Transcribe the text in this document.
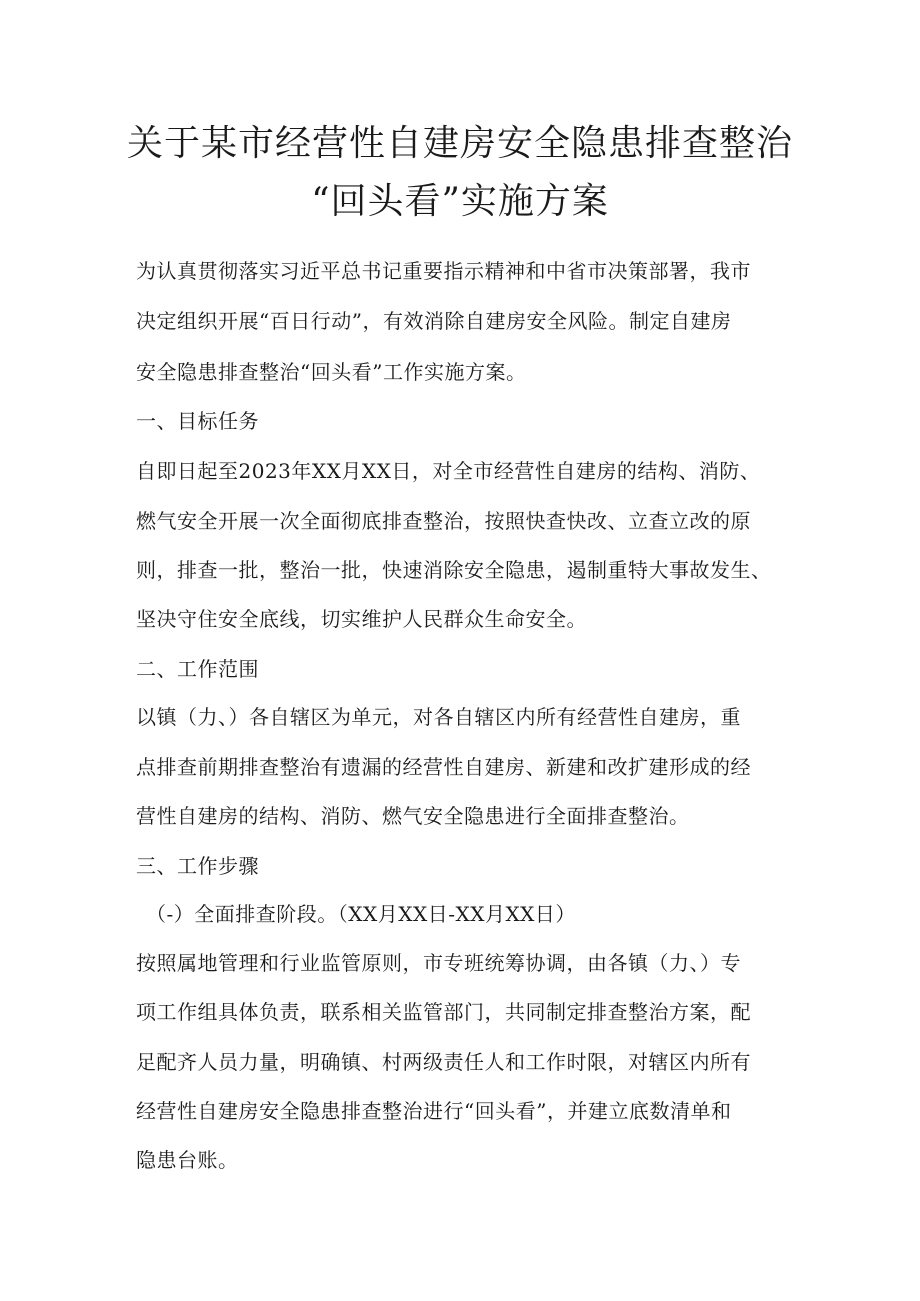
关于某市经营性自建房安全隐患排查整治
“回头看”实施方案

为认真贯彻落实习近平总书记重要指示精神和中省市决策部署，我市

决定组织开展“百日行动”，有效消除自建房安全风险。制定自建房

安全隐患排查整治“回头看”工作实施方案。

一、目标任务

自即日起至2023年XX月XX日，对全市经营性自建房的结构、消防、

燃气安全开展一次全面彻底排查整治，按照快查快改、立查立改的原

则，排查一批，整治一批，快速消除安全隐患，遏制重特大事故发生、

坚决守住安全底线，切实维护人民群众生命安全。

二、工作范围

以镇（力、）各自辖区为单元，对各自辖区内所有经营性自建房，重

点排查前期排查整治有遗漏的经营性自建房、新建和改扩建形成的经

营性自建房的结构、消防、燃气安全隐患进行全面排查整治。

三、工作步骤

（-）全面排查阶段。（XX月XX日-XX月XX日）

按照属地管理和行业监管原则，市专班统筹协调，由各镇（力、）专

项工作组具体负责，联系相关监管部门，共同制定排查整治方案，配

足配齐人员力量，明确镇、村两级责任人和工作时限，对辖区内所有

经营性自建房安全隐患排查整治进行“回头看”，并建立底数清单和

隐患台账。
